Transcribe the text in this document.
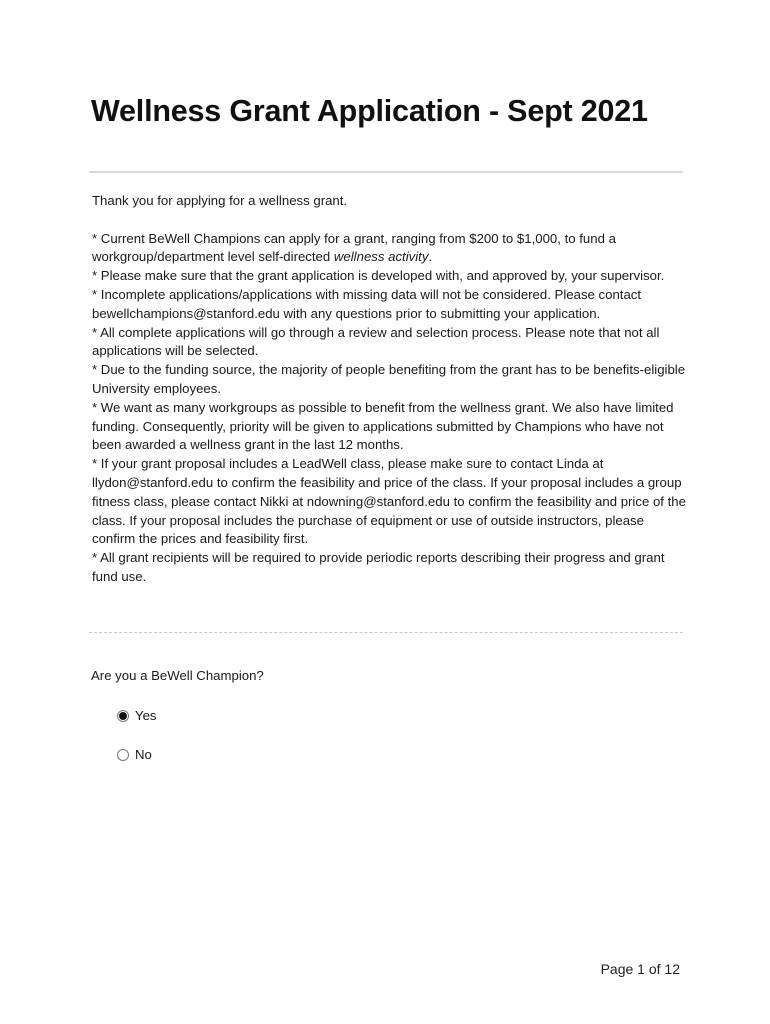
Wellness Grant Application - Sept 2021

Thank you for applying for a wellness grant.

* Current BeWell Champions can apply for a grant, ranging from $200 to $1,000, to fund a workgroup/department level self-directed wellness activity.

* Please make sure that the grant application is developed with, and approved by, your supervisor.

* Incomplete applications/applications with missing data will not be considered. Please contact bewellchampions@stanford.edu with any questions prior to submitting your application.

* All complete applications will go through a review and selection process. Please note that not all applications will be selected.

* Due to the funding source, the majority of people benefiting from the grant has to be benefits-eligible University employees.

* We want as many workgroups as possible to benefit from the wellness grant. We also have limited funding. Consequently, priority will be given to applications submitted by Champions who have not been awarded a wellness grant in the last 12 months.

* If your grant proposal includes a LeadWell class, please make sure to contact Linda at llydon@stanford.edu to confirm the feasibility and price of the class. If your proposal includes a group fitness class, please contact Nikki at ndowning@stanford.edu to confirm the feasibility and price of the class. If your proposal includes the purchase of equipment or use of outside instructors, please confirm the prices and feasibility first.

* All grant recipients will be required to provide periodic reports describing their progress and grant fund use.

Are you a BeWell Champion?
Yes
No
Page 1 of 12
